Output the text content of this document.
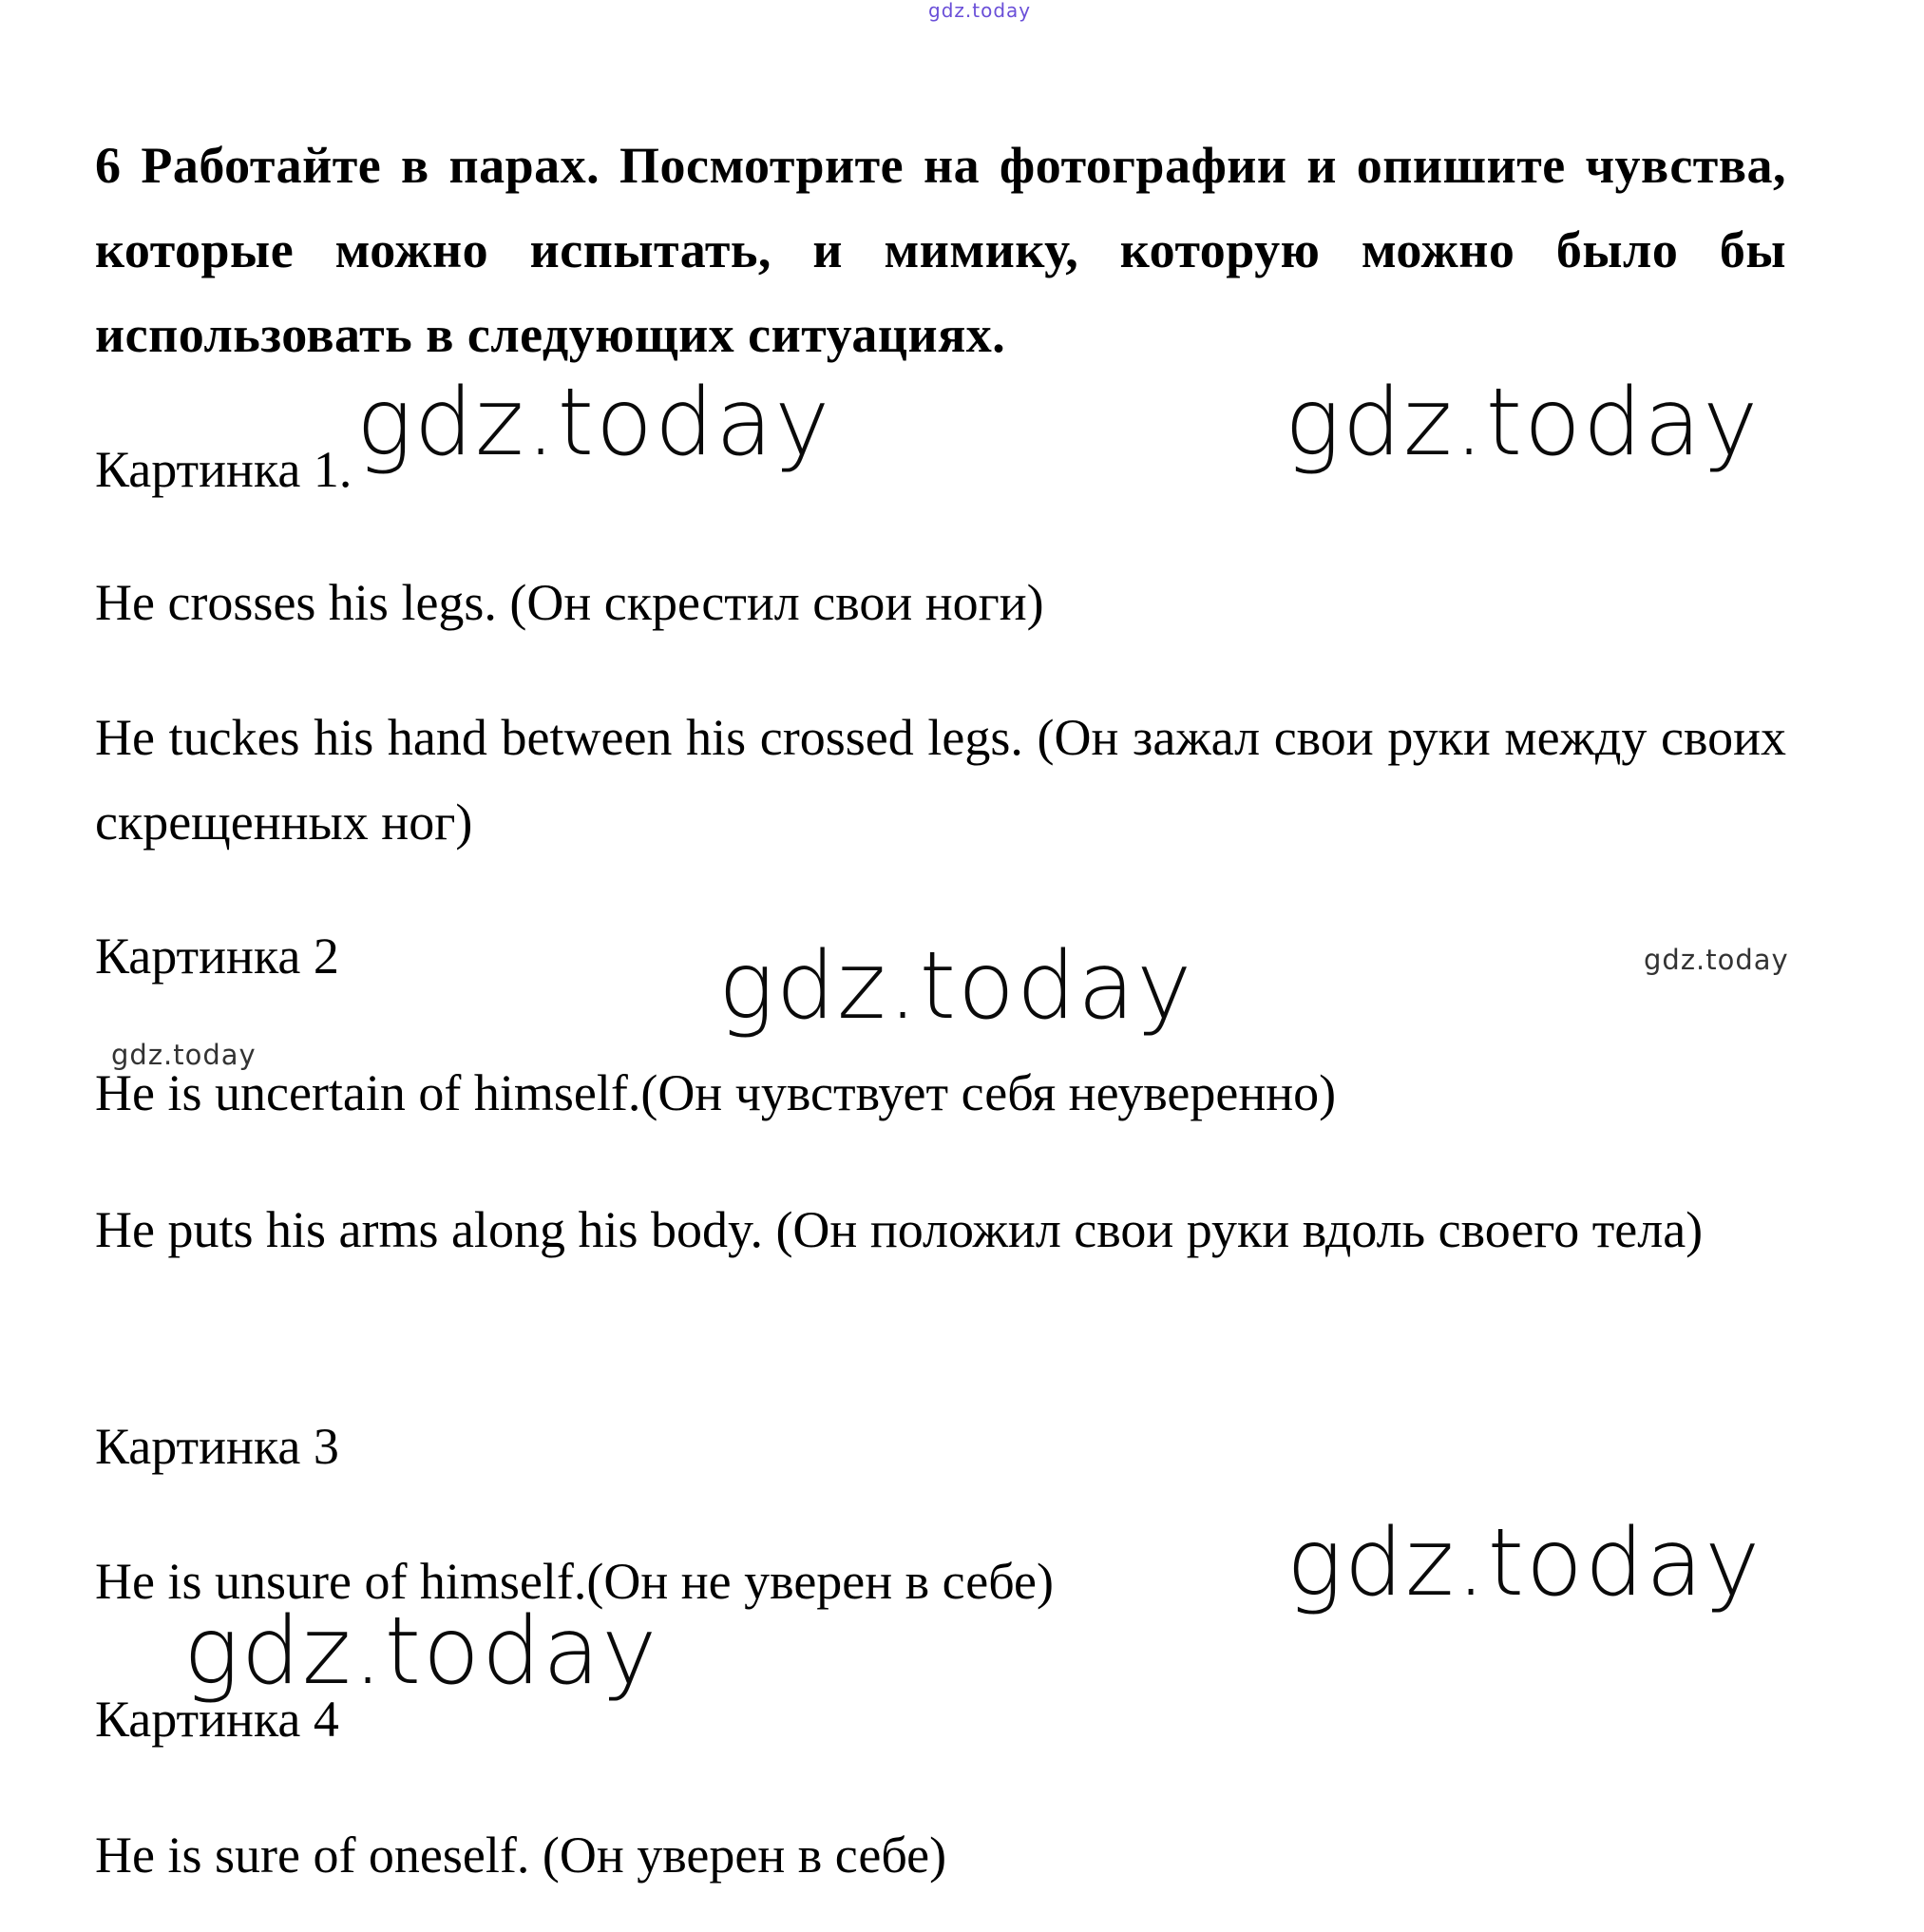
gdz.today
6 Работайте в парах. Посмотрите на фотографии и опишите чувства, которые можно испытать, и мимику, которую можно было бы использовать в следующих ситуациях.
Картинка 1.
He crosses his legs. (Он скрестил свои ноги)
He tuckes his hand between his crossed legs. (Он зажал свои руки между своих скрещенных ног)
Картинка 2
He is uncertain of himself.(Он чувствует себя неуверенно)
He puts his arms along his body. (Он положил свои руки вдоль своего тела)
Картинка 3
He is unsure of himself.(Он не уверен в себе)
Картинка 4
He is sure of oneself. (Он уверен в себе)
gdz.today	gdz.today
gdz.today
gdz.today
gdz.today
gdz.today
gdz.today
